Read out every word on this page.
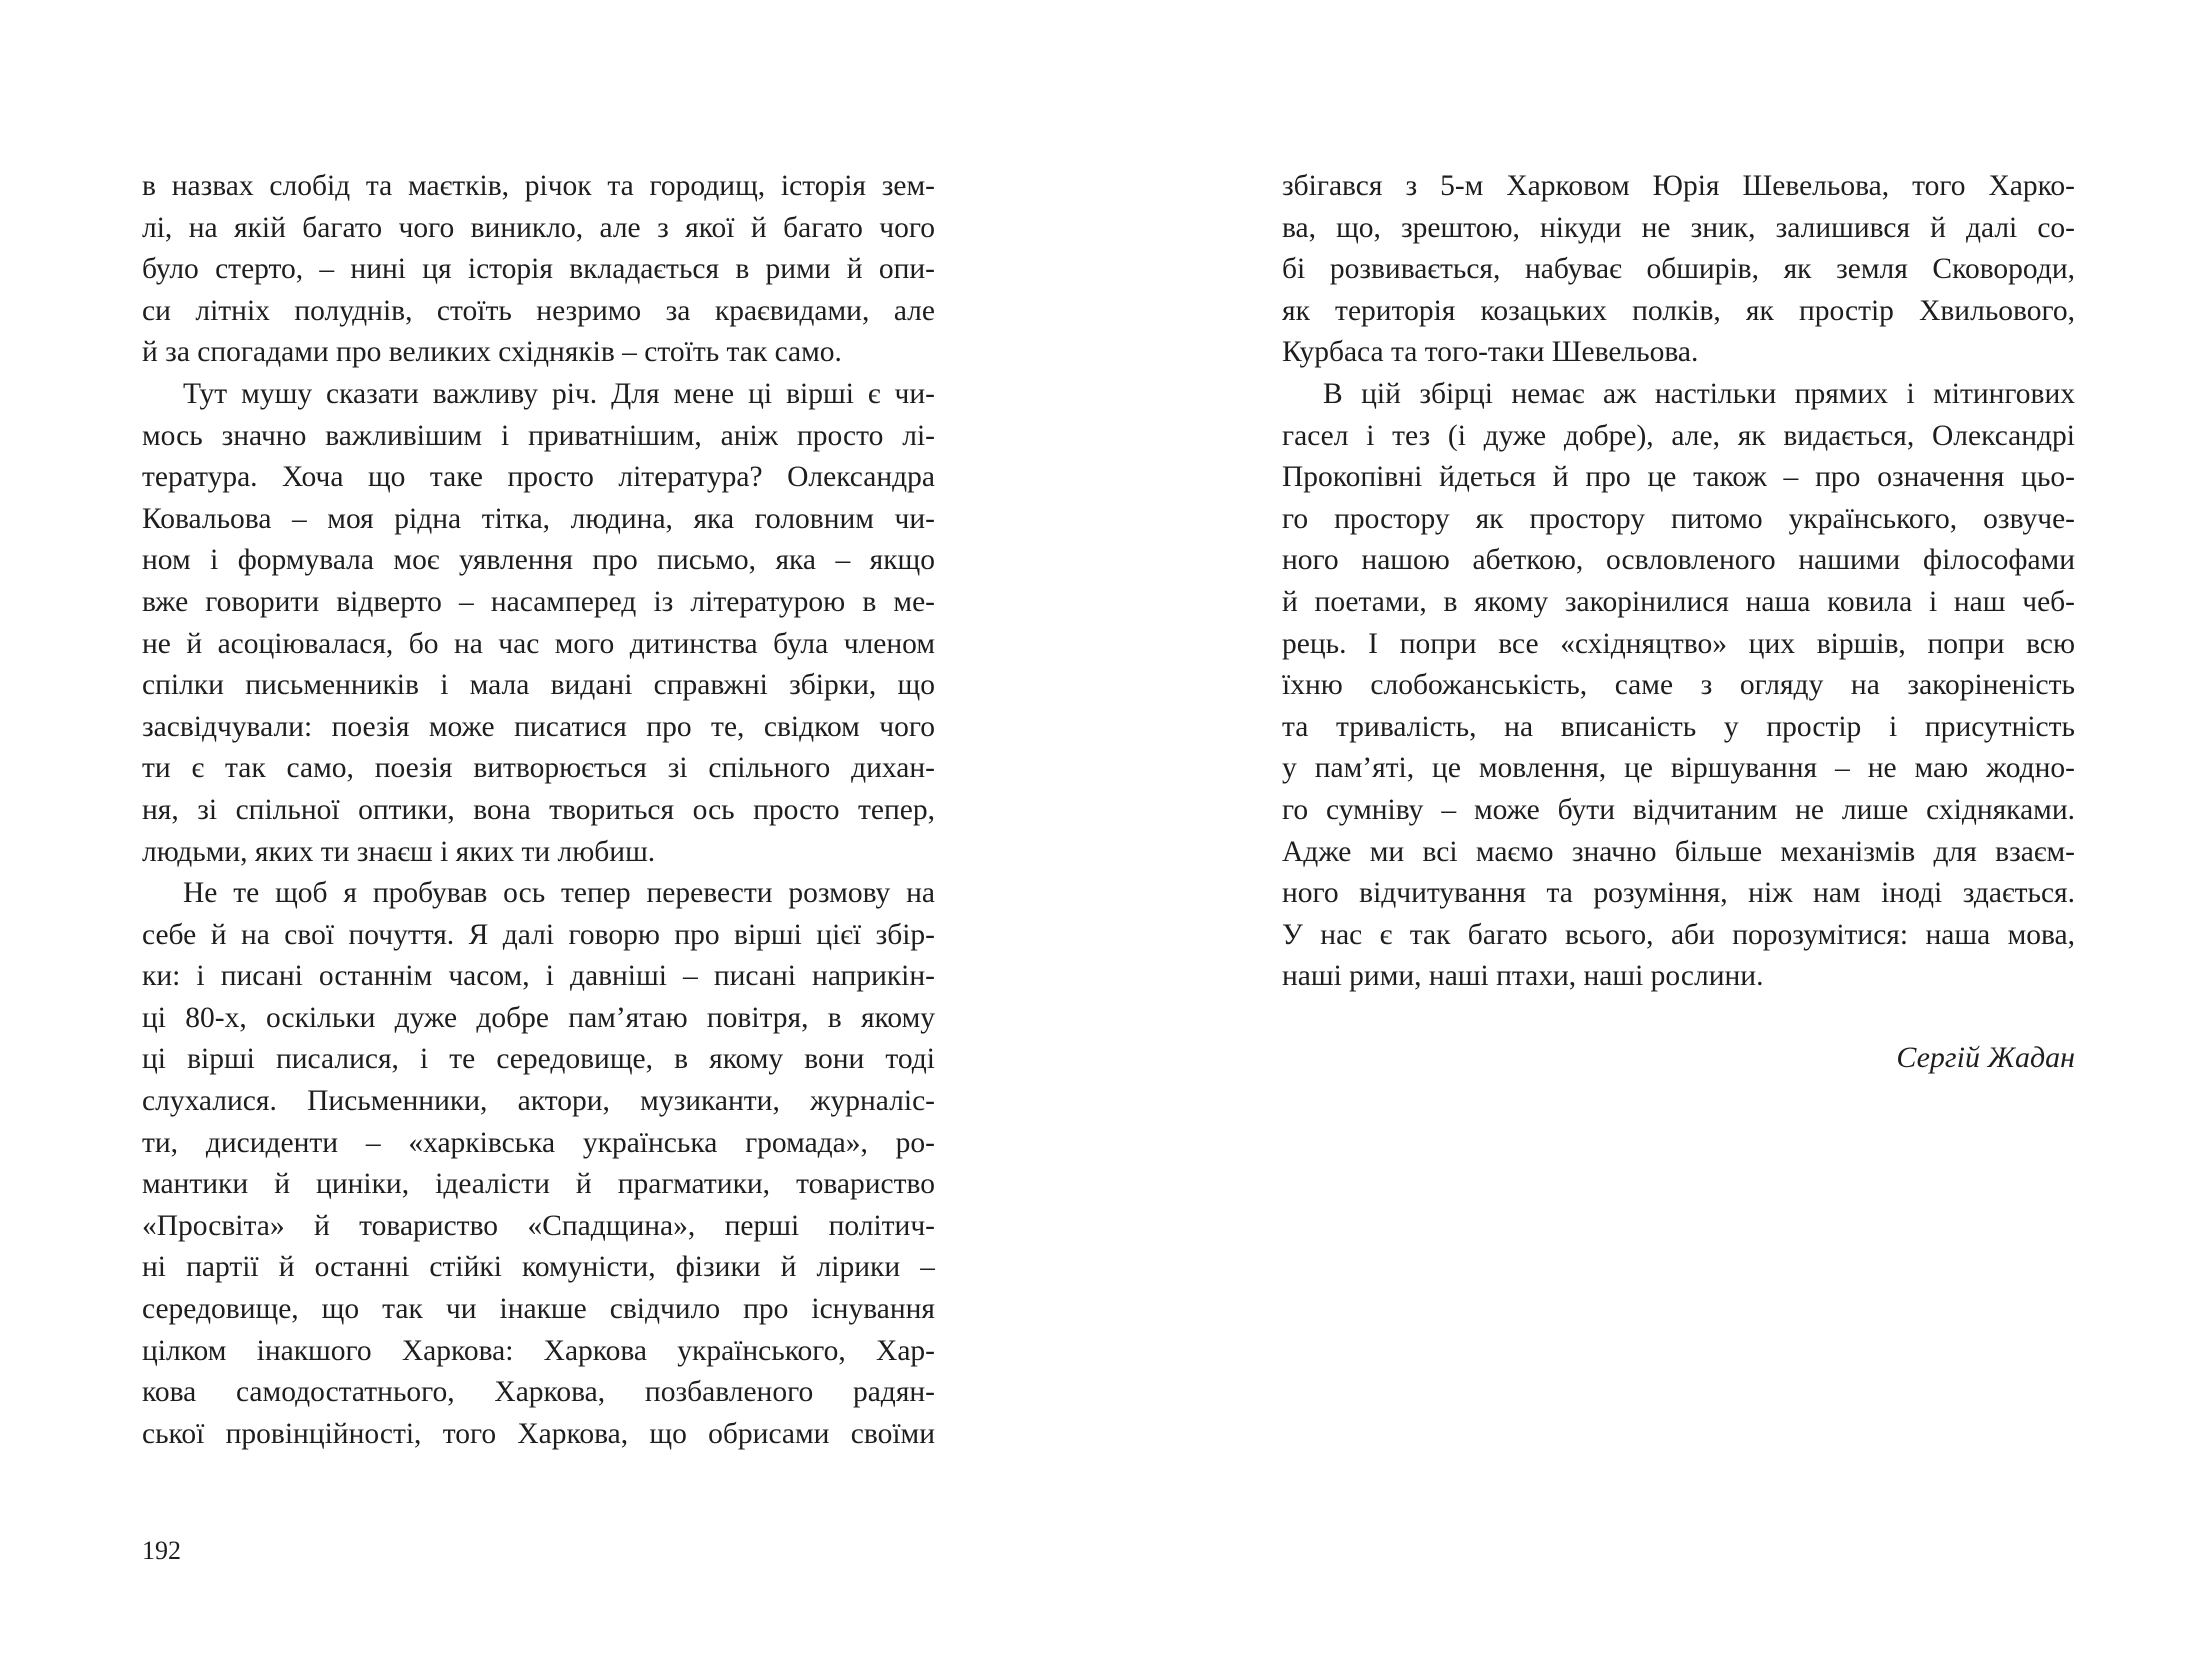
в назвах слобід та маєтків, річок та городищ, історія зем-
лі, на якій багато чого виникло, але з якої й багато чого
було стерто, – нині ця історія вкладається в рими й опи-
си літніх полуднів, стоїть незримо за краєвидами, але
й за спогадами про великих східняків – стоїть так само.
Тут мушу сказати важливу річ. Для мене ці вірші є чи-
мось значно важливішим і приватнішим, аніж просто лі-
тература. Хоча що таке просто література? Олександра
Ковальова – моя рідна тітка, людина, яка головним чи-
ном і формувала моє уявлення про письмо, яка – якщо
вже говорити відверто – насамперед із літературою в ме-
не й асоціювалася, бо на час мого дитинства була членом
спілки письменників і мала видані справжні збірки, що
засвідчували: поезія може писатися про те, свідком чого
ти є так само, поезія витворюється зі спільного дихан-
ня, зі спільної оптики, вона твориться ось просто тепер,
людьми, яких ти знаєш і яких ти любиш.
Не те щоб я пробував ось тепер перевести розмову на
себе й на свої почуття. Я далі говорю про вірші цієї збір-
ки: і писані останнім часом, і давніші – писані наприкін-
ці 80-х, оскільки дуже добре пам’ятаю повітря, в якому
ці вірші писалися, і те середовище, в якому вони тоді
слухалися. Письменники, актори, музиканти, журналіс-
ти, дисиденти – «харківська українська громада», ро-
мантики й циніки, ідеалісти й прагматики, товариство
«Просвіта» й товариство «Спадщина», перші політич-
ні партії й останні стійкі комуністи, фізики й лірики –
середовище, що так чи інакше свідчило про існування
цілком інакшого Харкова: Харкова українського, Хар-
кова самодостатнього, Харкова, позбавленого радян-
ської провінційності, того Харкова, що обрисами своїми
192
збігався з 5-м Харковом Юрія Шевельова, того Харко-
ва, що, зрештою, нікуди не зник, залишився й далі со-
бі розвивається, набуває обширів, як земля Сковороди,
як територія козацьких полків, як простір Хвильового,
Курбаса та того-таки Шевельова.
В цій збірці немає аж настільки прямих і мітингових
гасел і тез (і дуже добре), але, як видається, Олександрі
Прокопівні йдеться й про це також – про означення цьо-
го простору як простору питомо українського, озвуче-
ного нашою абеткою, освловленого нашими філософами
й поетами, в якому закорінилися наша ковила і наш чеб-
рець. І попри все «східняцтво» цих віршів, попри всю
їхню слобожанськість, саме з огляду на закоріненість
та тривалість, на вписаність у простір і присутність
у пам’яті, це мовлення, це віршування – не маю жодно-
го сумніву – може бути відчитаним не лише східняками.
Адже ми всі маємо значно більше механізмів для взаєм-
ного відчитування та розуміння, ніж нам іноді здається.
У нас є так багато всього, аби порозумітися: наша мова,
наші рими, наші птахи, наші рослини.
Сергій Жадан
